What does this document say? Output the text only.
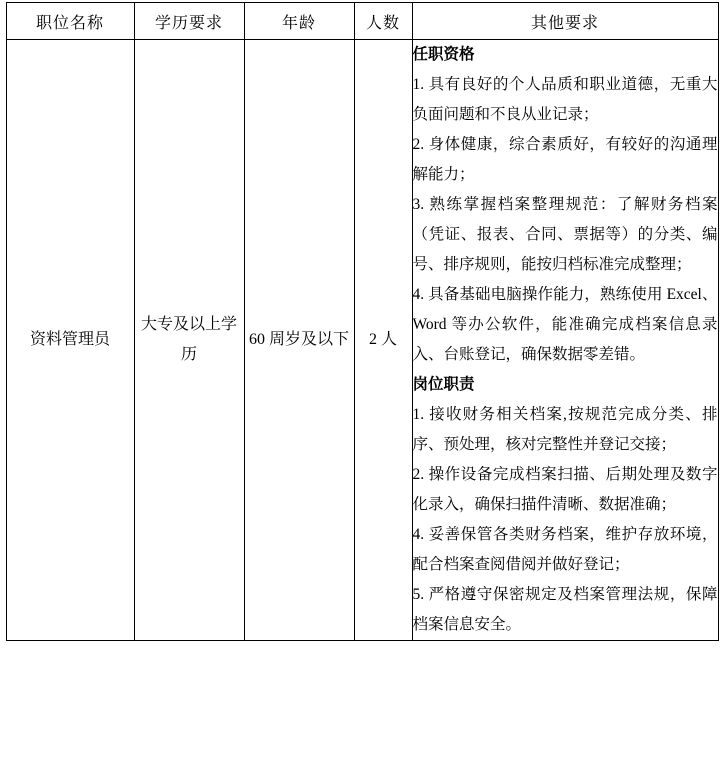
职位名称	学历要求	年龄	人数	其他要求
资料管理员	大专及以上学历	60 周岁及以下	2 人	

任职资格

1. 具有良好的个人品质和职业道德，无重大负面问题和不良从业记录；

2. 身体健康，综合素质好，有较好的沟通理解能力；

3. 熟练掌握档案整理规范：了解财务档案（凭证、报表、合同、票据等）的分类、编号、排序规则，能按归档标准完成整理；

4. 具备基础电脑操作能力，熟练使用 Excel、Word 等办公软件，能准确完成档案信息录入、台账登记，确保数据零差错。

岗位职责

1. 接收财务相关档案,按规范完成分类、排序、预处理，核对完整性并登记交接；

2. 操作设备完成档案扫描、后期处理及数字化录入，确保扫描件清晰、数据准确；

4. 妥善保管各类财务档案，维护存放环境，配合档案查阅借阅并做好登记；

5. 严格遵守保密规定及档案管理法规，保障档案信息安全。
